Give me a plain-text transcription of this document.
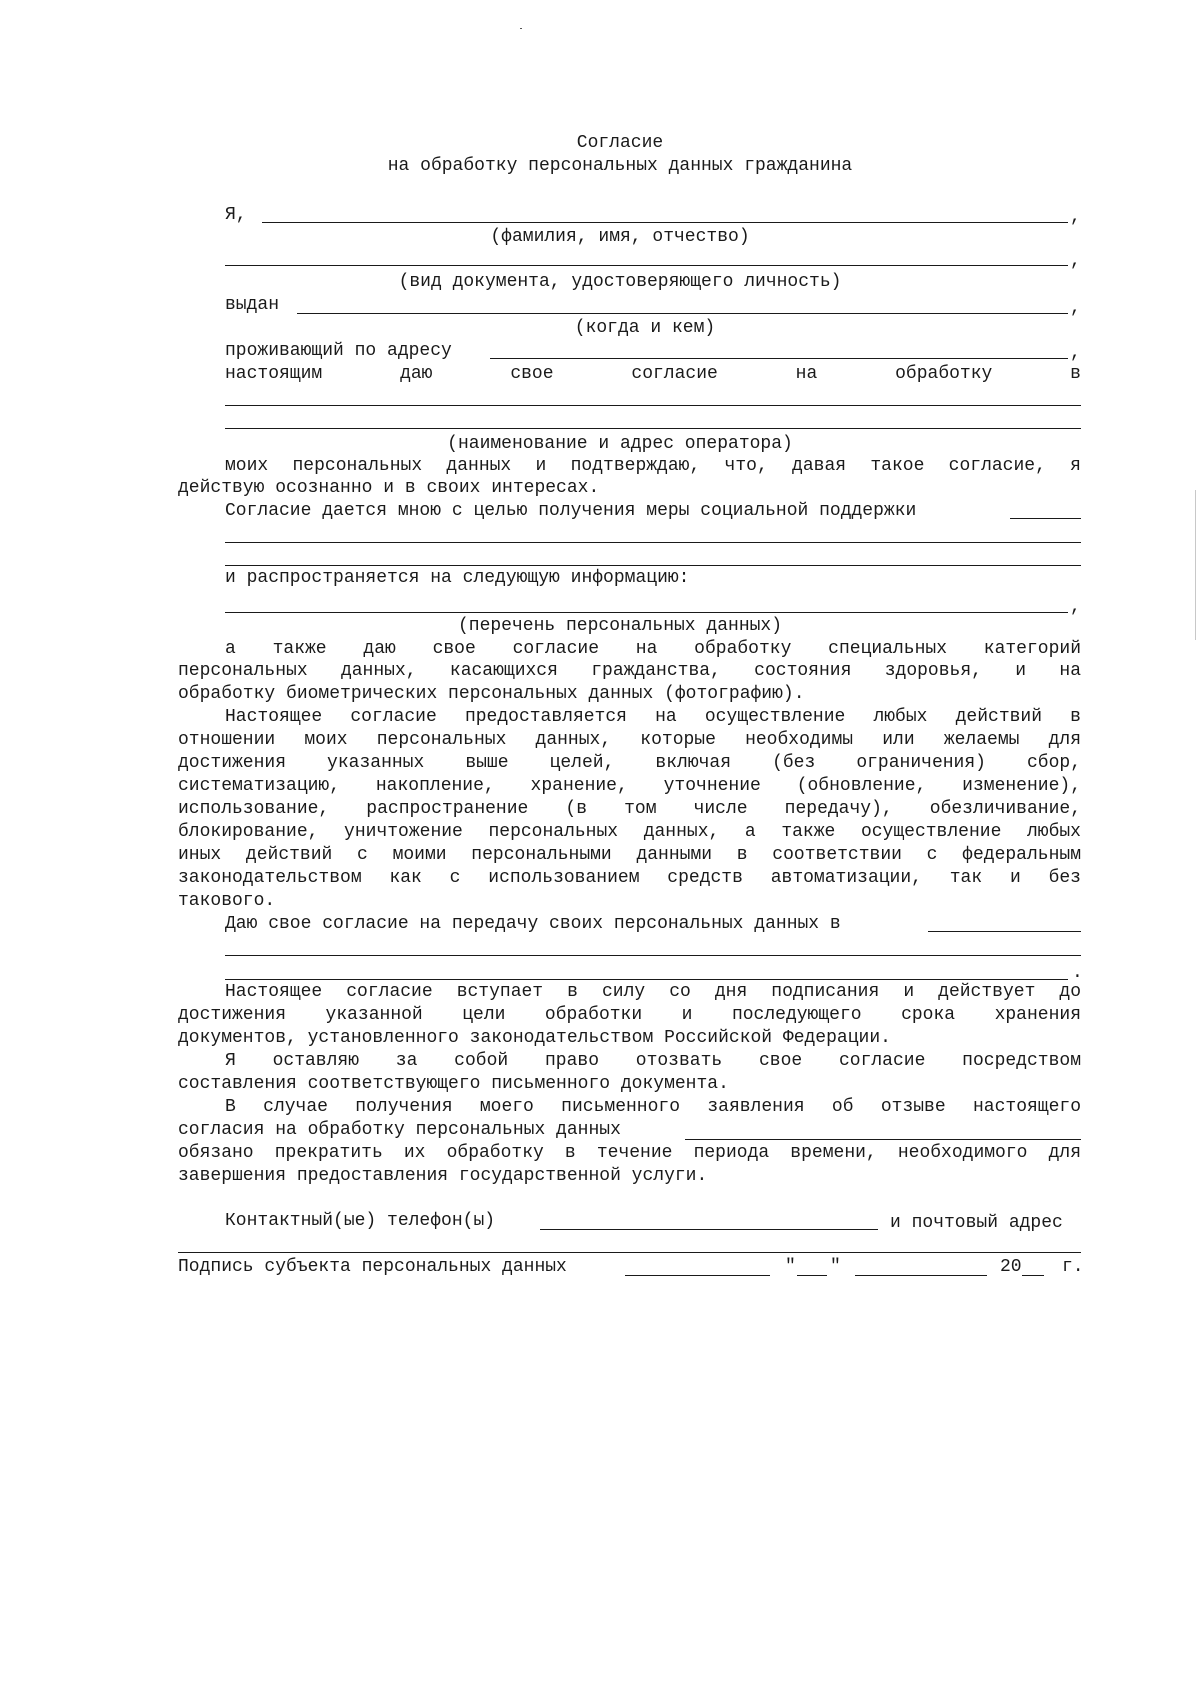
Согласие
на обработку персональных данных гражданина
Я,	,
(фамилия, имя, отчество)
,
(вид документа, удостоверяющего личность)
выдан	,
(когда и кем)
проживающий по адресу	,
настоящим даю свое согласие на обработку в
(наименование и адрес оператора)
моих персональных данных и подтверждаю, что, давая такое согласие, я
действую осознанно и в своих интересах.
Согласие дается мною с целью получения меры социальной поддержки
и распространяется на следующую информацию:
,
(перечень персональных данных)
а также даю свое согласие на обработку специальных категорий
персональных данных, касающихся гражданства, состояния здоровья, и на
обработку биометрических персональных данных (фотографию).
Настоящее согласие предоставляется на осуществление любых действий в
отношении моих персональных данных, которые необходимы или желаемы для
достижения указанных выше целей, включая (без ограничения) сбор,
систематизацию, накопление, хранение, уточнение (обновление, изменение),
использование, распространение (в том числе передачу), обезличивание,
блокирование, уничтожение персональных данных, а также осуществление любых
иных действий с моими персональными данными в соответствии с федеральным
законодательством как с использованием средств автоматизации, так и без
такового.
Даю свое согласие на передачу своих персональных данных в
.
Настоящее согласие вступает в силу со дня подписания и действует до
достижения указанной цели обработки и последующего срока хранения
документов, установленного законодательством Российской Федерации.
Я оставляю за собой право отозвать свое согласие посредством
составления соответствующего письменного документа.
В случае получения моего письменного заявления об отзыве настоящего
согласия на обработку персональных данных
обязано прекратить их обработку в течение периода времени, необходимого для
завершения предоставления государственной услуги.
Контактный(ые) телефон(ы)	и почтовый адрес
Подпись субъекта персональных данных	" "	20 г.
